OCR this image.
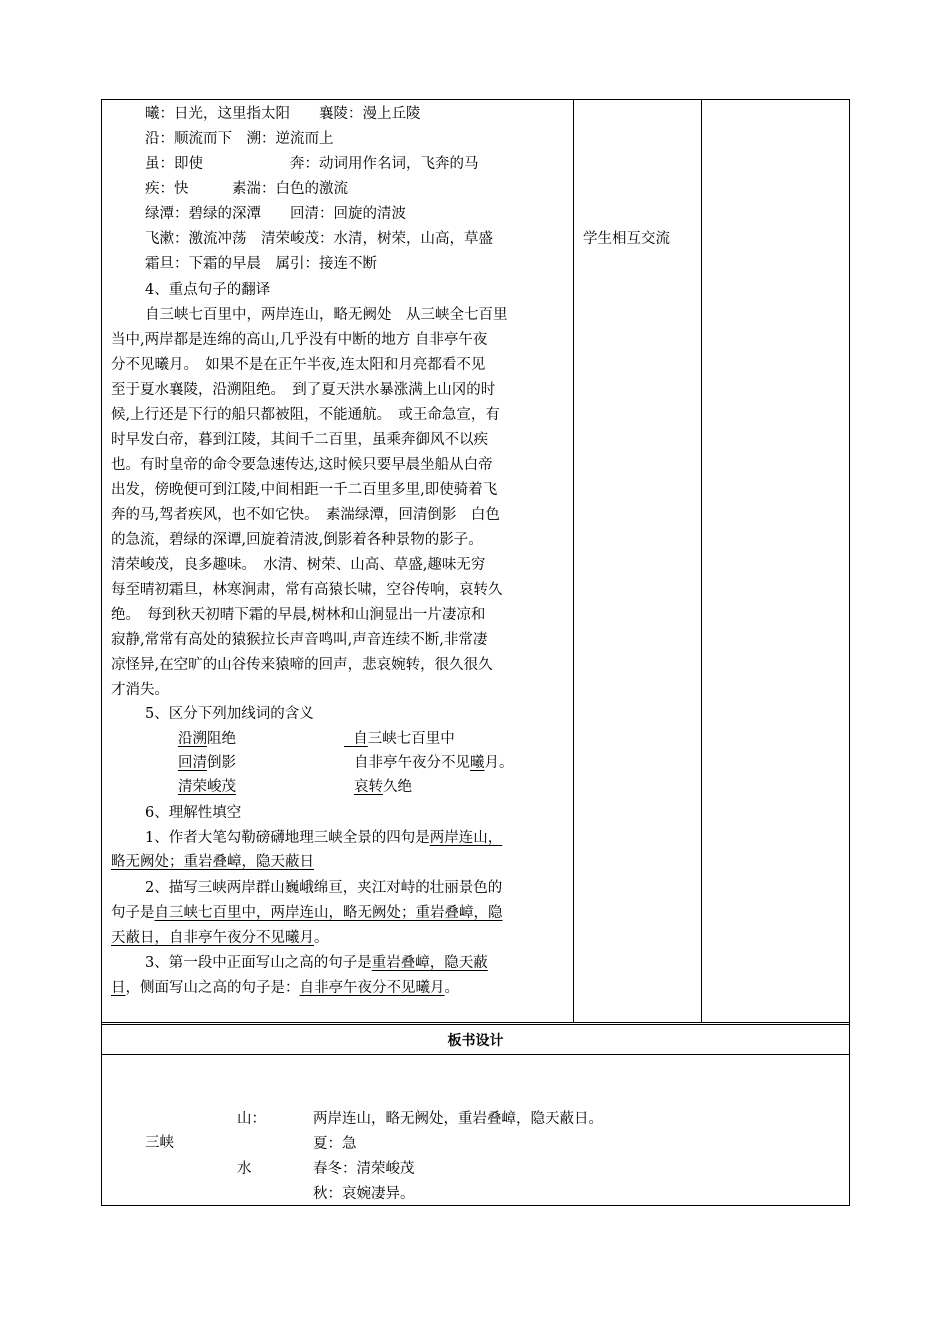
曦：日光，这里指太阳　　襄陵：漫上丘陵
沿：顺流而下　溯：逆流而上
虽：即使　　　　　　奔：动词用作名词，飞奔的马
疾：快　　　素湍：白色的激流
绿潭：碧绿的深潭　　回清：回旋的清波
飞漱：激流冲荡　清荣峻茂：水清，树荣，山高，草盛
霜旦：下霜的早晨　属引：接连不断
4、重点句子的翻译
自三峡七百里中，两岸连山，略无阙处　从三峡全七百里
当中,两岸都是连绵的高山,几乎没有中断的地方 自非亭午夜
分不见曦月。　如果不是在正午半夜,连太阳和月亮都看不见
至于夏水襄陵，沿溯阻绝。　到了夏天洪水暴涨满上山冈的时
候,上行还是下行的船只都被阻，不能通航。　或王命急宣，有
时早发白帝，暮到江陵，其间千二百里，虽乘奔御风不以疾
也。有时皇帝的命令要急速传达,这时候只要早晨坐船从白帝
出发，傍晚便可到江陵,中间相距一千二百里多里,即使骑着飞
奔的马,驾者疾风，也不如它快。　素湍绿潭，回清倒影　白色
的急流，碧绿的深谭,回旋着清波,倒影着各种景物的影子。
清荣峻茂，良多趣味。　水清、树荣、山高、草盛,趣味无穷
每至晴初霜旦，林寒涧肃，常有高猿长啸，空谷传响，哀转久
绝。　每到秋天初晴下霜的早晨,树林和山涧显出一片凄凉和
寂静,常常有高处的猿猴拉长声音鸣叫,声音连续不断,非常凄
凉怪异,在空旷的山谷传来猿啼的回声，悲哀婉转，很久很久
才消失。
5、区分下列加线词的含义
沿溯阻绝	自三峡七百里中
回清倒影	自非亭午夜分不见曦月。
清荣峻茂	哀转久绝
6、理解性填空
1、作者大笔勾勒磅礴地理三峡全景的四句是两岸连山，
略无阙处；重岩叠嶂，隐天蔽日
2、描写三峡两岸群山巍峨绵亘，夹江对峙的壮丽景色的
句子是自三峡七百里中，两岸连山，略无阙处；重岩叠嶂，隐
天蔽日，自非亭午夜分不见曦月。
3、第一段中正面写山之高的句子是重岩叠嶂，隐天蔽
日，侧面写山之高的句子是：自非亭午夜分不见曦月。
学生相互交流
板书设计
三峡
山：	两岸连山，略无阙处，重岩叠嶂，隐天蔽日。
夏：急
水	春冬：清荣峻茂
秋：哀婉凄异。
